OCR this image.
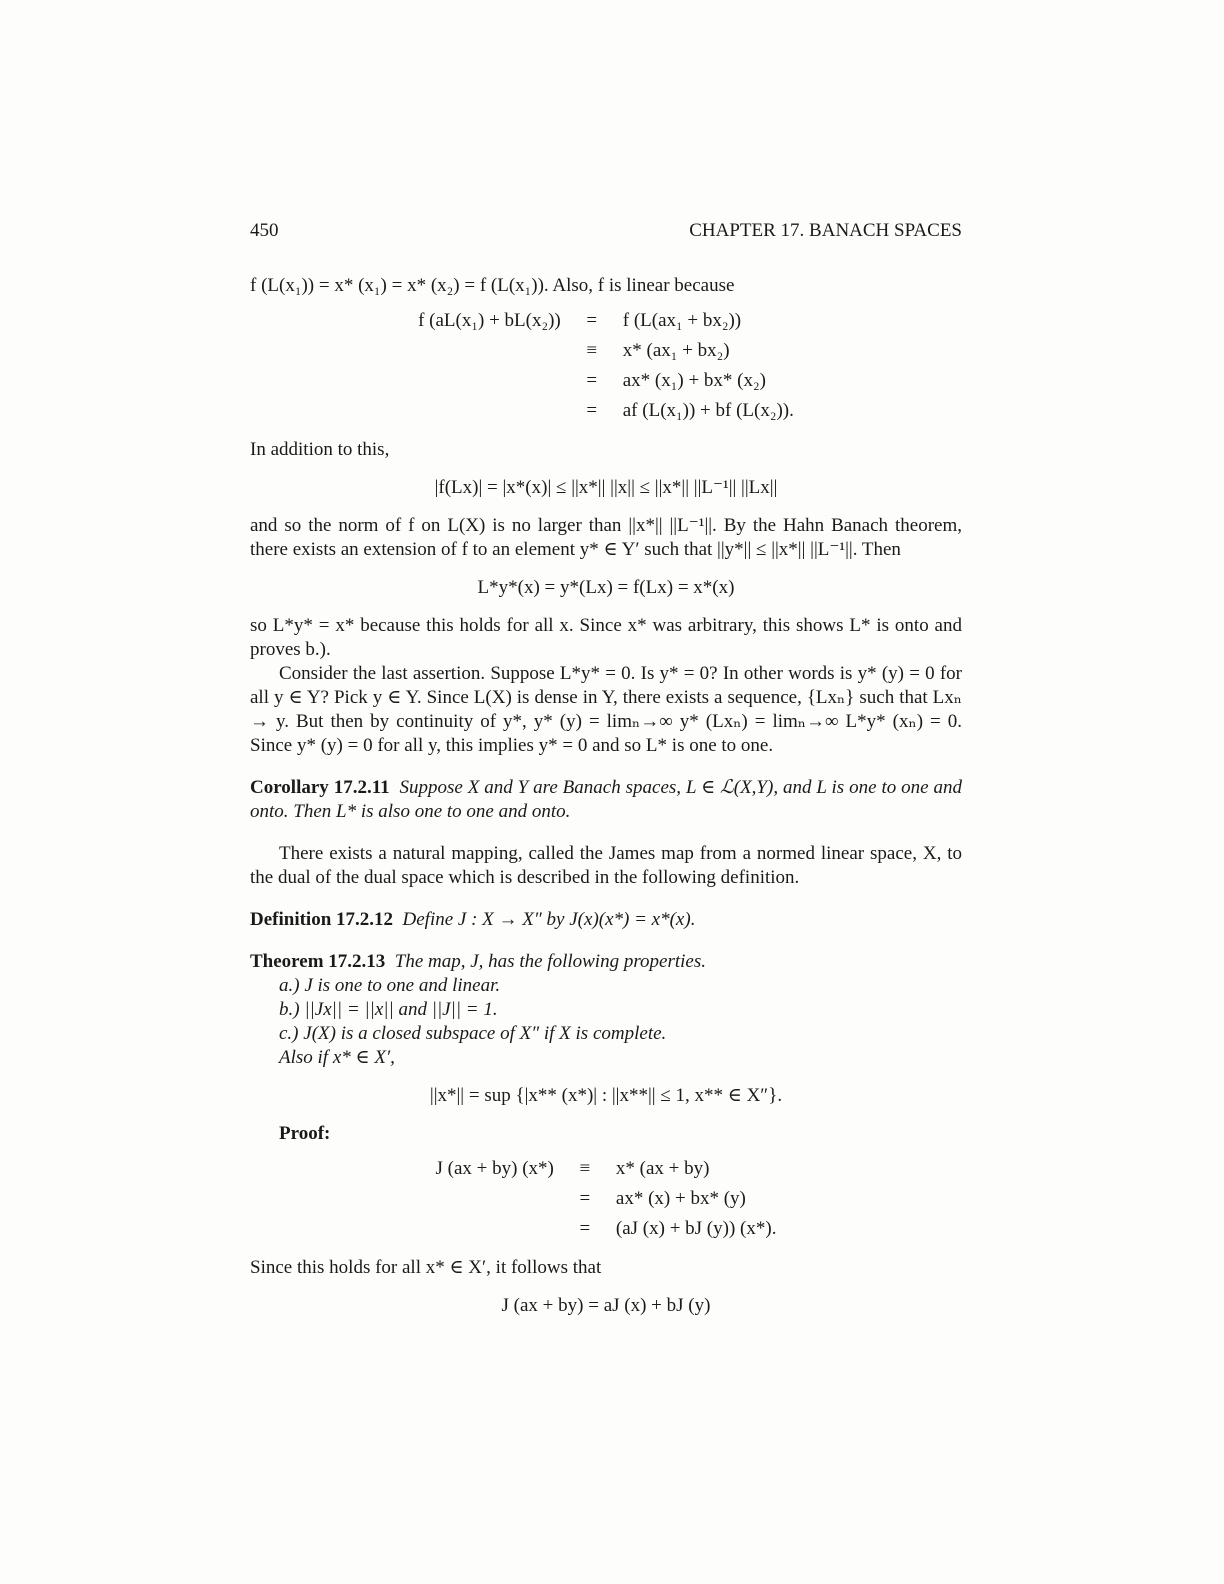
450	CHAPTER 17. BANACH SPACES

f (L(x₁)) = x* (x₁) = x* (x₂) = f (L(x₁)). Also, f is linear because

f (aL(x₁) + bL(x₂))	=	f (L(ax₁ + bx₂))
	≡	x* (ax₁ + bx₂)
	=	ax* (x₁) + bx* (x₂)
	=	af (L(x₁)) + bf (L(x₂)).

In addition to this,

|f(Lx)| = |x*(x)| ≤ ||x*|| ||x|| ≤ ||x*|| ||L⁻¹|| ||Lx||

and so the norm of f on L(X) is no larger than ||x*|| ||L⁻¹||. By the Hahn Banach theorem, there exists an extension of f to an element y* ∈ Y′ such that ||y*|| ≤ ||x*|| ||L⁻¹||. Then

L*y*(x) = y*(Lx) = f(Lx) = x*(x)

so L*y* = x* because this holds for all x. Since x* was arbitrary, this shows L* is onto and proves b.).

Consider the last assertion. Suppose L*y* = 0. Is y* = 0? In other words is y* (y) = 0 for all y ∈ Y? Pick y ∈ Y. Since L(X) is dense in Y, there exists a sequence, {Lxₙ} such that Lxₙ → y. But then by continuity of y*, y* (y) = limₙ→∞ y* (Lxₙ) = limₙ→∞ L*y* (xₙ) = 0. Since y* (y) = 0 for all y, this implies y* = 0 and so L* is one to one.

Corollary 17.2.11 Suppose X and Y are Banach spaces, L ∈ ℒ(X,Y), and L is one to one and onto. Then L* is also one to one and onto.

There exists a natural mapping, called the James map from a normed linear space, X, to the dual of the dual space which is described in the following definition.

Definition 17.2.12 Define J : X → X″ by J(x)(x*) = x*(x).

Theorem 17.2.13 The map, J, has the following properties.

a.) J is one to one and linear.
b.) ||Jx|| = ||x|| and ||J|| = 1.
c.) J(X) is a closed subspace of X″ if X is complete.
Also if x* ∈ X′,
||x*|| = sup {|x** (x*)| : ||x**|| ≤ 1, x** ∈ X″}.
Proof:
J (ax + by) (x*)	≡	x* (ax + by)
	=	ax* (x) + bx* (y)
	=	(aJ (x) + bJ (y)) (x*).

Since this holds for all x* ∈ X′, it follows that

J (ax + by) = aJ (x) + bJ (y)
